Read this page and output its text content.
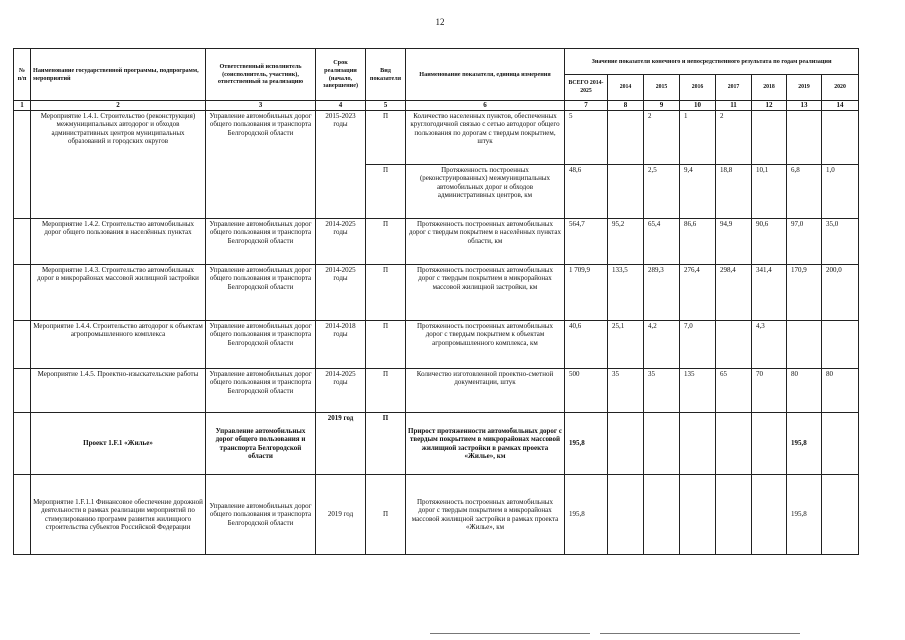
12
№ п/п	Наименование государственной программы, подпрограмм, мероприятий	Ответственный исполнитель (соисполнитель, участник), ответственный за реализацию	Срок реализации (начало, завершение)	Вид показателя	Наименование показателя, единица измерения	Значение показателя конечного и непосредственного результата по годам реализации							
						ВСЕГО 2014-2025	2014	2015	2016	2017	2018	2019	2020
1	2	3	4	5	6	7	8	9	10	11	12	13	14
	Мероприятие 1.4.1. Строительство (реконструкция) межмуниципальных автодорог и обходов административных центров муниципальных образований и городских округов	Управление автомобильных дорог общего пользования и транспорта Белгородской области	2015-2023 годы	П	Количество населенных пунктов, обеспеченных круглогодичной связью с сетью автодорог общего пользования по дорогам с твердым покрытием, штук	5		2	1	2			
				П	Протяженность построенных (реконструированных) межмуниципальных автомобильных дорог и обходов административных центров, км	48,6		2,5	9,4	18,8	10,1	6,8	1,0
	Мероприятие 1.4.2. Строительство автомобильных дорог общего пользования в населённых пунктах	Управление автомобильных дорог общего пользования и транспорта Белгородской области	2014-2025 годы	П	Протяженность построенных автомобильных дорог с твердым покрытием в населённых пунктах области, км	564,7	95,2	65,4	86,6	94,9	90,6	97,0	35,0
	Мероприятие 1.4.3. Строительство автомобильных дорог в микрорайонах массовой жилищной застройки	Управление автомобильных дорог общего пользования и транспорта Белгородской области	2014-2025 годы	П	Протяженность построенных автомобильных дорог с твердым покрытием в микрорайонах массовой жилищной застройки, км	1 709,9	133,5	289,3	276,4	298,4	341,4	170,9	200,0
	Мероприятие 1.4.4. Строительство автодорог к объектам агропромышленного комплекса	Управление автомобильных дорог общего пользования и транспорта Белгородской области	2014-2018 годы	П	Протяженность построенных автомобильных дорог с твердым покрытием к объектам агропромышленного комплекса, км	40,6	25,1	4,2	7,0		4,3		
	Мероприятие 1.4.5. Проектно-изыскательские работы	Управление автомобильных дорог общего пользования и транспорта Белгородской области	2014-2025 годы	П	Количество изготовленной проектно-сметной документации, штук	500	35	35	135	65	70	80	80
	Проект 1.F.1 «Жилье»	Управление автомобильных дорог общего пользования и транспорта Белгородской области	2019 год	П	Прирост протяженности автомобильных дорог с твердым покрытием в микрорайонах массовой жилищной застройки в рамках проекта «Жилье», км	195,8						195,8	
	Мероприятие 1.F.1.1 Финансовое обеспечение дорожной деятельности в рамках реализации мероприятий по стимулированию программ развития жилищного строительства субъектов Российской Федерации	Управление автомобильных дорог общего пользования и транспорта Белгородской области	2019 год	П	Протяженность построенных автомобильных дорог с твердым покрытием в микрорайонах массовой жилищной застройки в рамках проекта «Жилье», км	195,8						195,8	
